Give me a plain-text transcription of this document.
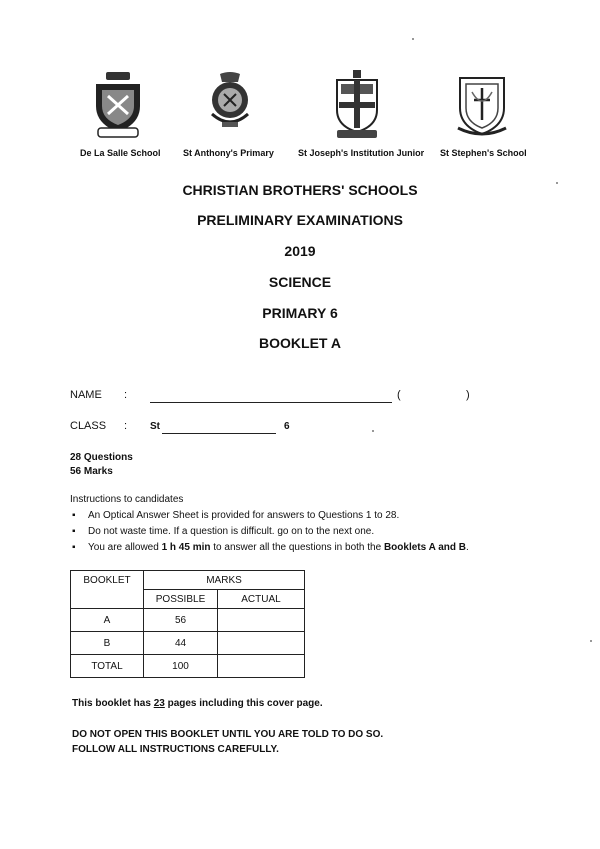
De La Salle School St Anthony's Primary	St Joseph's Institution Junior St Stephen's School
CHRISTIAN BROTHERS' SCHOOLS
PRELIMINARY EXAMINATIONS
2019
SCIENCE
PRIMARY 6
BOOKLET A
NAME :	(	)
CLASS : St	6
28 Questions
56 Marks
Instructions to candidates
▪ An Optical Answer Sheet is provided for answers to Questions 1 to 28.
▪ Do not waste time. If a question is difficult. go on to the next one.
▪ You are allowed 1 h 45 min to answer all the questions in both the Booklets A and B.
BOOKLET	MARKS	
	POSSIBLE	ACTUAL
A	56	
B	44	
TOTAL	100	
This booklet has 23 pages including this cover page.
DO NOT OPEN THIS BOOKLET UNTIL YOU ARE TOLD TO DO SO.
FOLLOW ALL INSTRUCTIONS CAREFULLY.
